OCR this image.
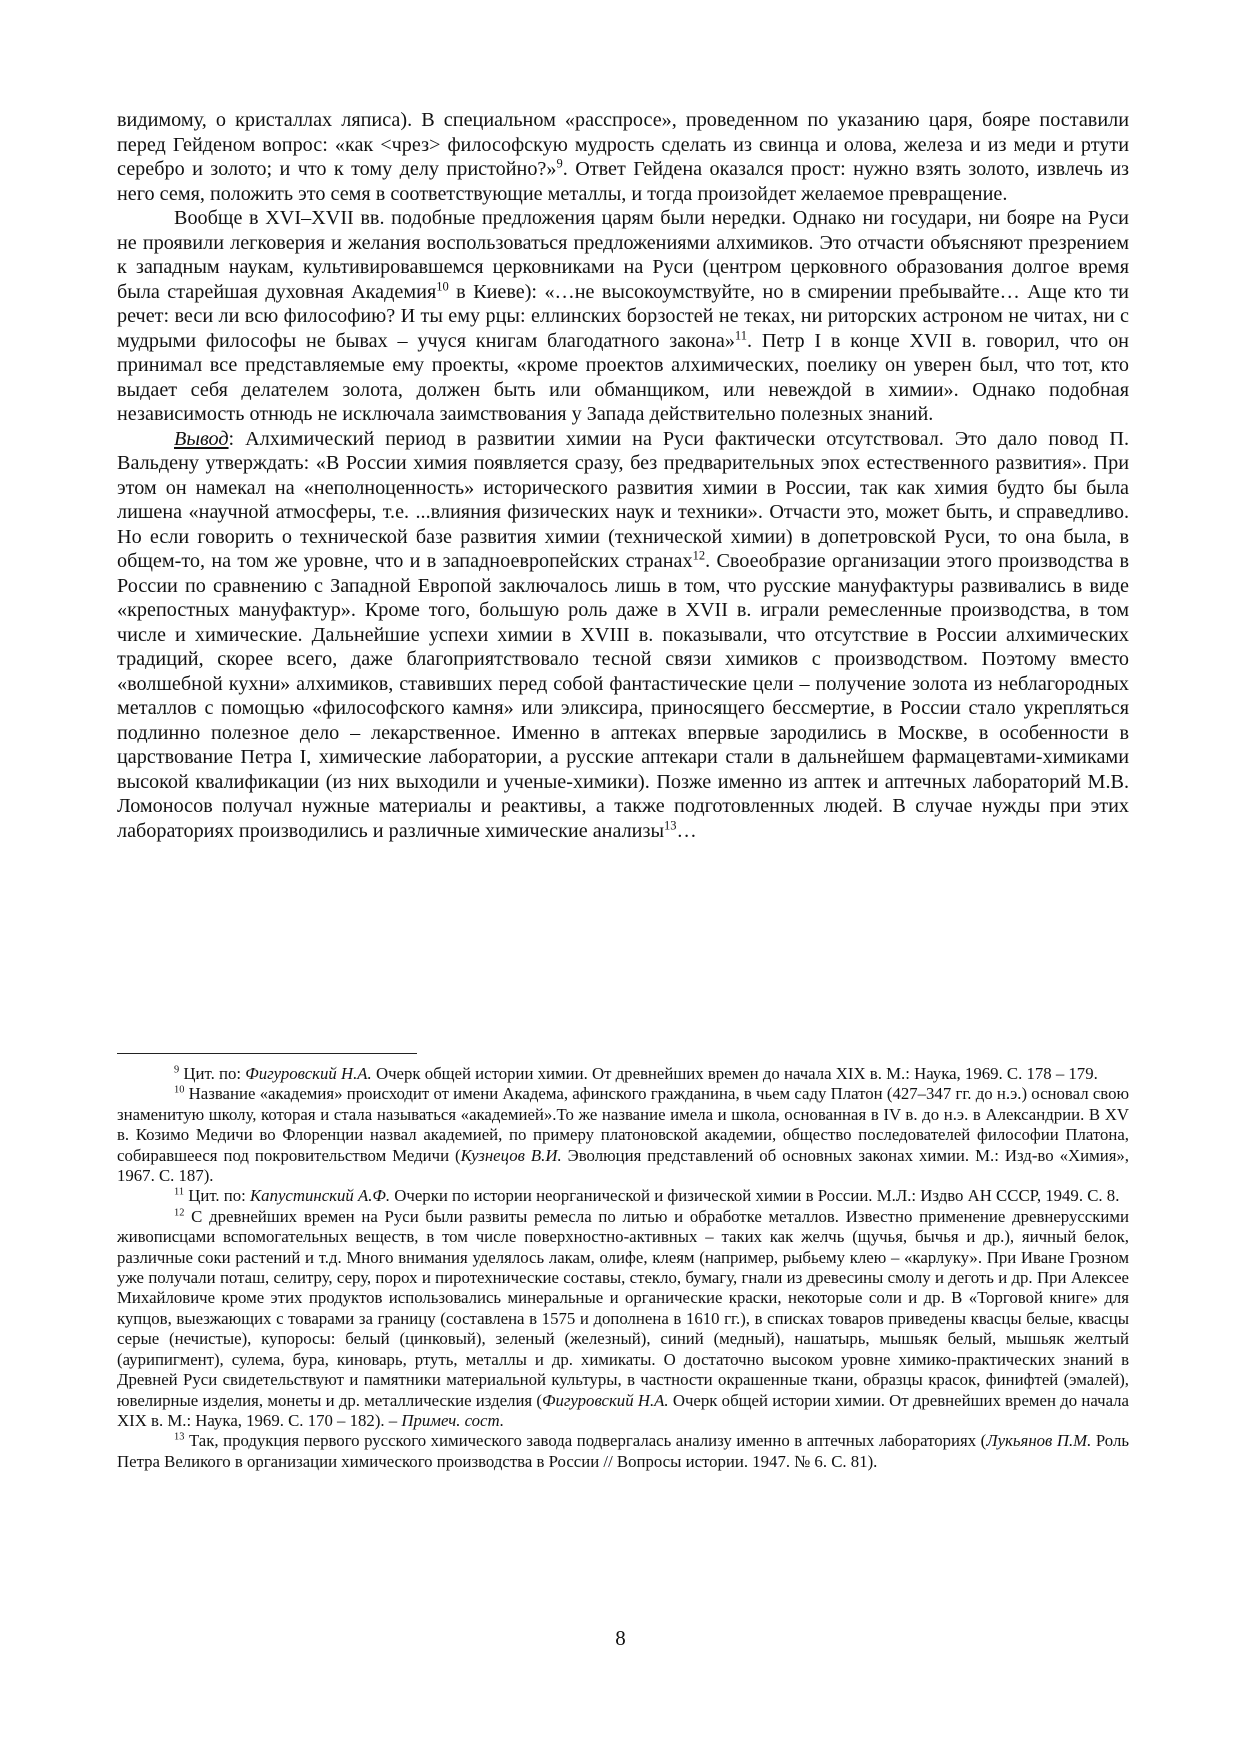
видимому, о кристаллах ляписа). В специальном «расспросе», проведенном по указанию царя, бояре поставили перед Гейденом вопрос: «как <чрез> философскую мудрость сделать из свинца и олова, железа и из меди и ртути серебро и золото; и что к тому делу пристойно?»$^9$. Ответ Гейдена оказался прост: нужно взять золото, извлечь из него семя, положить это семя в соответствующие металлы, и тогда произойдет желаемое превращение.

Вообще в XVI–XVII вв. подобные предложения царям были нередки. Однако ни государи, ни бояре на Руси не проявили легковерия и желания воспользоваться предложениями алхимиков. Это отчасти объясняют презрением к западным наукам, культивировавшемся церковниками на Руси (центром церковного образования долгое время была старейшая духовная Академия$^{10}$ в Киеве): «…не высокоумствуйте, но в смирении пребывайте… Аще кто ти речет: веси ли всю философию? И ты ему рцы: еллинских борзостей не теках, ни риторских астроном не читах, ни с мудрыми философы не бывах – учуся книгам благодатного закона»$^{11}$. Петр I в конце XVII в. говорил, что он принимал все представляемые ему проекты, «кроме проектов алхимических, поелику он уверен был, что тот, кто выдает себя делателем золота, должен быть или обманщиком, или невеждой в химии». Однако подобная независимость отнюдь не исключала заимствования у Запада действительно полезных знаний.

Вывод: Алхимический период в развитии химии на Руси фактически отсутствовал. Это дало повод П. Вальдену утверждать: «В России химия появляется сразу, без предварительных эпох естественного развития». При этом он намекал на «неполноценность» исторического развития химии в России, так как химия будто бы была лишена «научной атмосферы, т.е. ...влияния физических наук и техники». Отчасти это, может быть, и справедливо. Но если говорить о технической базе развития химии (технической химии) в допетровской Руси, то она была, в общем-то, на том же уровне, что и в западноевропейских странах$^{12}$. Своеобразие организации этого производства в России по сравнению с Западной Европой заключалось лишь в том, что русские мануфактуры развивались в виде «крепостных мануфактур». Кроме того, большую роль даже в XVII в. играли ремесленные производства, в том числе и химические. Дальнейшие успехи химии в XVIII в. показывали, что отсутствие в России алхимических традиций, скорее всего, даже благоприятствовало тесной связи химиков с производством. Поэтому вместо «волшебной кухни» алхимиков, ставивших перед собой фантастические цели – получение золота из неблагородных металлов с помощью «философского камня» или эликсира, приносящего бессмертие, в России стало укрепляться подлинно полезное дело – лекарственное. Именно в аптеках впервые зародились в Москве, в особенности в царствование Петра I, химические лаборатории, а русские аптекари стали в дальнейшем фармацевтами-химиками высокой квалификации (из них выходили и ученые-химики). Позже именно из аптек и аптечных лабораторий М.В. Ломоносов получал нужные материалы и реактивы, а также подготовленных людей. В случае нужды при этих лабораториях производились и различные химические анализы$^{13}$…

$^9$ Цит. по: Фигуровский Н.А. Очерк общей истории химии. От древнейших времен до начала XIX в. М.: Наука, 1969. С. 178 – 179.

$^{10}$ Название «академия» происходит от имени Академа, афинского гражданина, в чьем саду Платон (427–347 гг. до н.э.) основал свою знаменитую школу, которая и стала называться «академией».То же название имела и школа, основанная в IV в. до н.э. в Александрии. В XV в. Козимо Медичи во Флоренции назвал академией, по примеру платоновской академии, общество последователей философии Платона, собиравшееся под покровительством Медичи (Кузнецов В.И. Эволюция представлений об основных законах химии. М.: Изд-во «Химия», 1967. С. 187).

$^{11}$ Цит. по: Капустинский А.Ф. Очерки по истории неорганической и физической химии в России. М.Л.: Издво АН СССР, 1949. С. 8.

$^{12}$ С древнейших времен на Руси были развиты ремесла по литью и обработке металлов. Известно применение древнерусскими живописцами вспомогательных веществ, в том числе поверхностно-активных – таких как желчь (щучья, бычья и др.), яичный белок, различные соки растений и т.д. Много внимания уделялось лакам, олифе, клеям (например, рыбьему клею – «карлуку». При Иване Грозном уже получали поташ, селитру, серу, порох и пиротехнические составы, стекло, бумагу, гнали из древесины смолу и деготь и др. При Алексее Михайловиче кроме этих продуктов использовались минеральные и органические краски, некоторые соли и др. В «Торговой книге» для купцов, выезжающих с товарами за границу (составлена в 1575 и дополнена в 1610 гг.), в списках товаров приведены квасцы белые, квасцы серые (нечистые), купоросы: белый (цинковый), зеленый (железный), синий (медный), нашатырь, мышьяк белый, мышьяк желтый (аурипигмент), сулема, бура, киноварь, ртуть, металлы и др. химикаты. О достаточно высоком уровне химико-практических знаний в Древней Руси свидетельствуют и памятники материальной культуры, в частности окрашенные ткани, образцы красок, финифтей (эмалей), ювелирные изделия, монеты и др. металлические изделия (Фигуровский Н.А. Очерк общей истории химии. От древнейших времен до начала XIX в. М.: Наука, 1969. С. 170 – 182). – Примеч. сост.

$^{13}$ Так, продукция первого русского химического завода подвергалась анализу именно в аптечных лабораториях (Лукьянов П.М. Роль Петра Великого в организации химического производства в России // Вопросы истории. 1947. № 6. С. 81).

8
